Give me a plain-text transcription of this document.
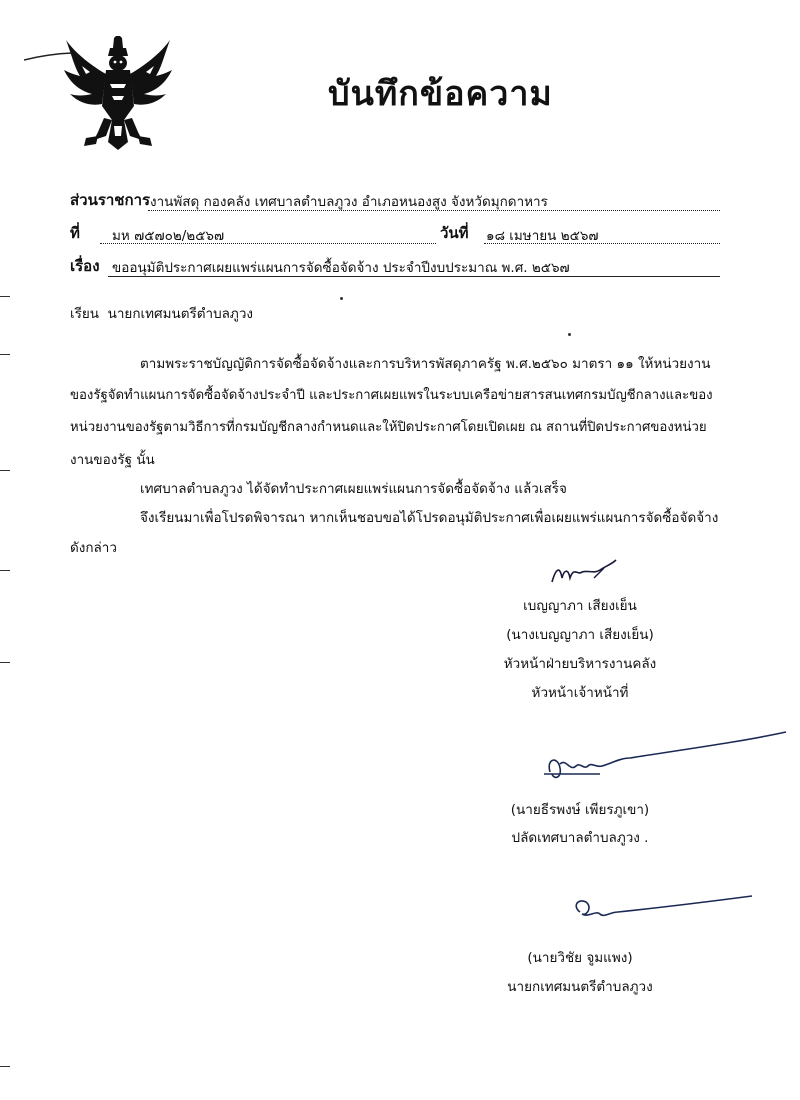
บันทึกข้อความ
ส่วนราชการ งานพัสดุ กองคลัง เทศบาลตำบลภูวง อำเภอหนองสูง จังหวัดมุกดาหาร
ที่ มห ๗๕๗๐๒/๒๕๖๗	วันที่ ๑๘ เมษายน ๒๕๖๗
เรื่อง ขออนุมัติประกาศเผยแพร่แผนการจัดซื้อจัดจ้าง ประจำปีงบประมาณ พ.ศ. ๒๕๖๗
เรียน นายกเทศมนตรีตำบลภูวง
ตามพระราชบัญญัติการจัดซื้อจัดจ้างและการบริหารพัสดุภาครัฐ พ.ศ.๒๕๖๐ มาตรา ๑๑ ให้หน่วยงาน
ของรัฐจัดทำแผนการจัดซื้อจัดจ้างประจำปี และประกาศเผยแพรในระบบเครือข่ายสารสนเทศกรมบัญชีกลางและของ
หน่วยงานของรัฐตามวิธีการที่กรมบัญชีกลางกำหนดและให้ปิดประกาศโดยเปิดเผย ณ สถานที่ปิดประกาศของหน่วย
งานของรัฐ นั้น
เทศบาลตำบลภูวง ได้จัดทำประกาศเผยแพร่แผนการจัดซื้อจัดจ้าง แล้วเสร็จ
จึงเรียนมาเพื่อโปรดพิจารณา หากเห็นชอบขอได้โปรดอนุมัติประกาศเพื่อเผยแพร่แผนการจัดซื้อจัดจ้าง
ดังกล่าว
เบญญาภา เสียงเย็น
(นางเบญญาภา เสียงเย็น)
หัวหน้าฝ่ายบริหารงานคลัง
หัวหน้าเจ้าหน้าที่
(นายธีรพงษ์ เพียรภูเขา)
ปลัดเทศบาลตำบลภูวง .
(นายวิชัย จูมแพง)
นายกเทศมนตรีตำบลภูวง
